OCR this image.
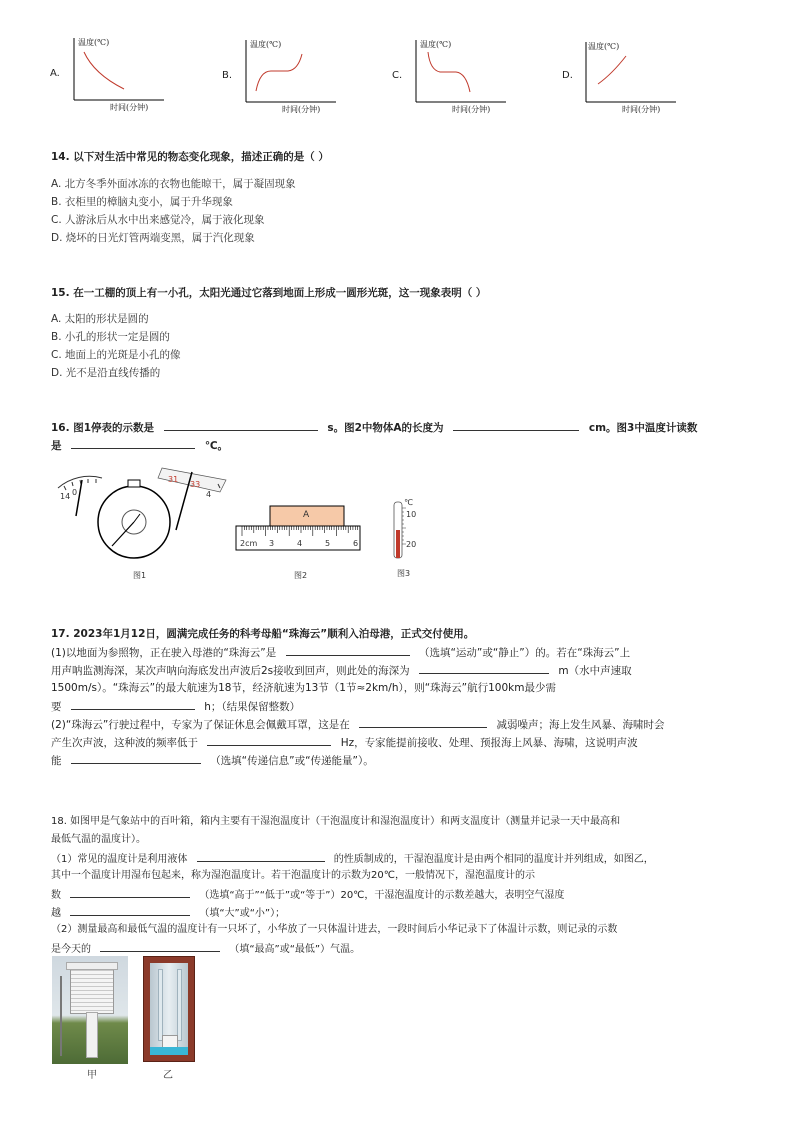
A.
温度(℃)
时间(分钟)
B.
温度(℃)
时间(分钟)
C.
温度(℃)
时间(分钟)
D.
温度(℃)
时间(分钟)
14. 以下对生活中常见的物态变化现象，描述正确的是（ ）
A. 北方冬季外面冰冻的衣物也能晾干，属于凝固现象
B. 衣柜里的樟脑丸变小，属于升华现象
C. 人游泳后从水中出来感觉冷，属于液化现象
D. 烧坏的日光灯管两端变黑，属于汽化现象
15. 在一工棚的顶上有一小孔，太阳光通过它落到地面上形成一圆形光斑，这一现象表明（ ）
A. 太阳的形状是圆的
B. 小孔的形状一定是圆的
C. 地面上的光斑是小孔的像
D. 光不是沿直线传播的
16. 图1停表的示数是	s。图2中物体A的长度为	cm。图3中温度计读数
是	℃。
14 0
31
33
4
图1
A
2cm 3	4	5	6
图2
℃
10
20
图3
17. 2023年1月12日，圆满完成任务的科考母船“珠海云”顺利入泊母港，正式交付使用。
(1)以地面为参照物，正在驶入母港的“珠海云”是	（选填“运动”或“静止”）的。若在“珠海云”上
用声呐监测海深，某次声呐向海底发出声波后2s接收到回声，则此处的海深为	m（水中声速取
1500m/s）。“珠海云”的最大航速为18节，经济航速为13节（1节≈2km/h），则“珠海云”航行100km最少需
要	h；（结果保留整数）
(2)“珠海云”行驶过程中，专家为了保证休息会佩戴耳罩，这是在	减弱噪声；海上发生风暴、海啸时会
产生次声波，这种波的频率低于	Hz，专家能提前接收、处理、预报海上风暴、海啸，这说明声波
能	（选填“传递信息”或“传递能量”）。
18. 如图甲是气象站中的百叶箱，箱内主要有干湿泡温度计（干泡温度计和湿泡温度计）和两支温度计（测量并记录一天中最高和
最低气温的温度计）。
（1）常见的温度计是利用液体	的性质制成的，干湿泡温度计是由两个相同的温度计并列组成，如图乙，
其中一个温度计用湿布包起来，称为湿泡温度计。若干泡温度计的示数为20℃，一般情况下，湿泡温度计的示
数	（选填“高于”“低于”或“等于”）20℃，干湿泡温度计的示数差越大，表明空气湿度
越	（填“大”或“小”）；
（2）测量最高和最低气温的温度计有一只坏了，小华放了一只体温计进去，一段时间后小华记录下了体温计示数，则记录的示数
是今天的	（填“最高”或“最低”）气温。
甲	乙
